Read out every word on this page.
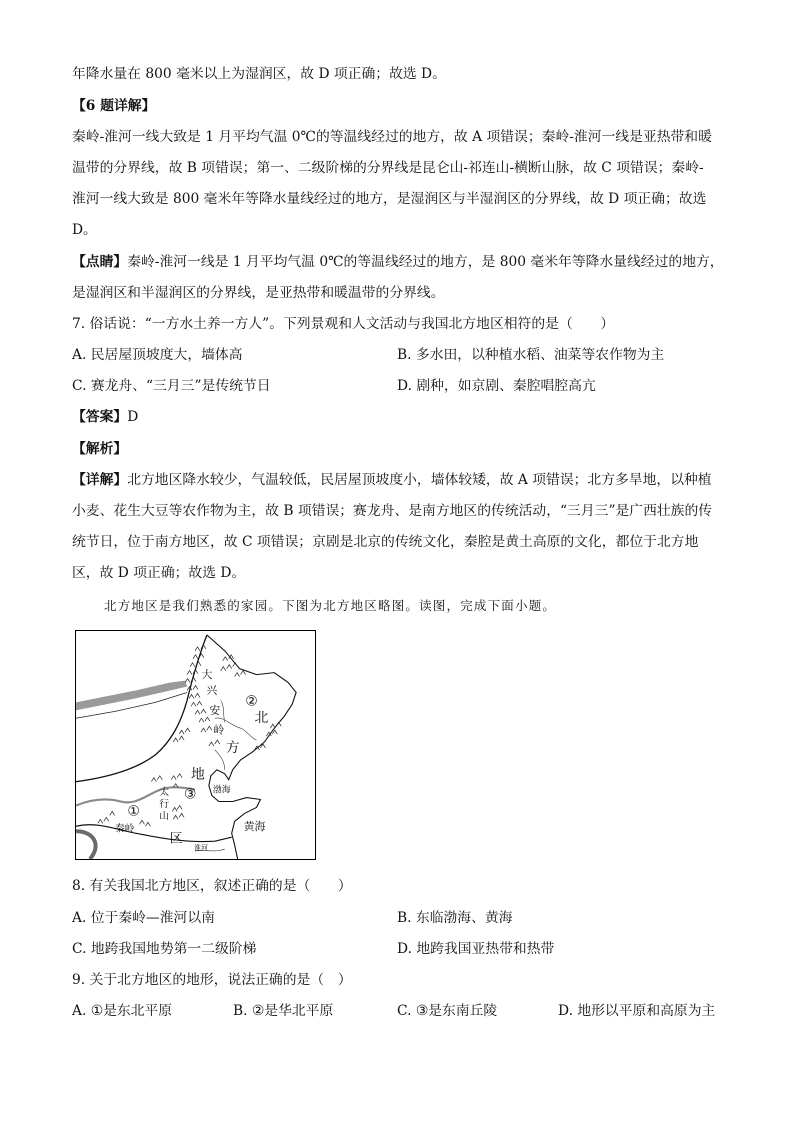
年降水量在 800 毫米以上为湿润区，故 D 项正确；故选 D。
【6 题详解】
秦岭-淮河一线大致是 1 月平均气温 0℃的等温线经过的地方，故 A 项错误；秦岭-淮河一线是亚热带和暖
温带的分界线，故 B 项错误；第一、二级阶梯的分界线是昆仑山-祁连山-横断山脉，故 C 项错误；秦岭-
淮河一线大致是 800 毫米年等降水量线经过的地方，是湿润区与半湿润区的分界线，故 D 项正确；故选
D。
【点睛】秦岭-淮河一线是 1 月平均气温 0℃的等温线经过的地方，是 800 毫米年等降水量线经过的地方，
是湿润区和半湿润区的分界线，是亚热带和暖温带的分界线。
7. 俗话说：“一方水土养一方人”。下列景观和人文活动与我国北方地区相符的是（　　）
A. 民居屋顶坡度大，墙体高	B. 多水田，以种植水稻、油菜等农作物为主
C. 赛龙舟、“三月三”是传统节日	D. 剧种，如京剧、秦腔唱腔高亢
【答案】D
【解析】
【详解】北方地区降水较少，气温较低，民居屋顶坡度小，墙体较矮，故 A 项错误；北方多旱地，以种植
小麦、花生大豆等农作物为主，故 B 项错误；赛龙舟、是南方地区的传统活动，“三月三”是广西壮族的传
统节日，位于南方地区，故 C 项错误；京剧是北京的传统文化，秦腔是黄土高原的文化，都位于北方地
区，故 D 项正确；故选 D。
北方地区是我们熟悉的家园。下图为北方地区略图。读图，完成下面小题。
大
兴
安
岭
②
北
方
地
区
③ 渤海
太
行
山
①
秦岭
淮河
黄海
8. 有关我国北方地区，叙述正确的是（　　）
A. 位于秦岭—淮河以南	B. 东临渤海、黄海
C. 地跨我国地势第一二级阶梯	D. 地跨我国亚热带和热带
9. 关于北方地区的地形，说法正确的是（　）
A. ①是东北平原	B. ②是华北平原	C. ③是东南丘陵	D. 地形以平原和高原为主
